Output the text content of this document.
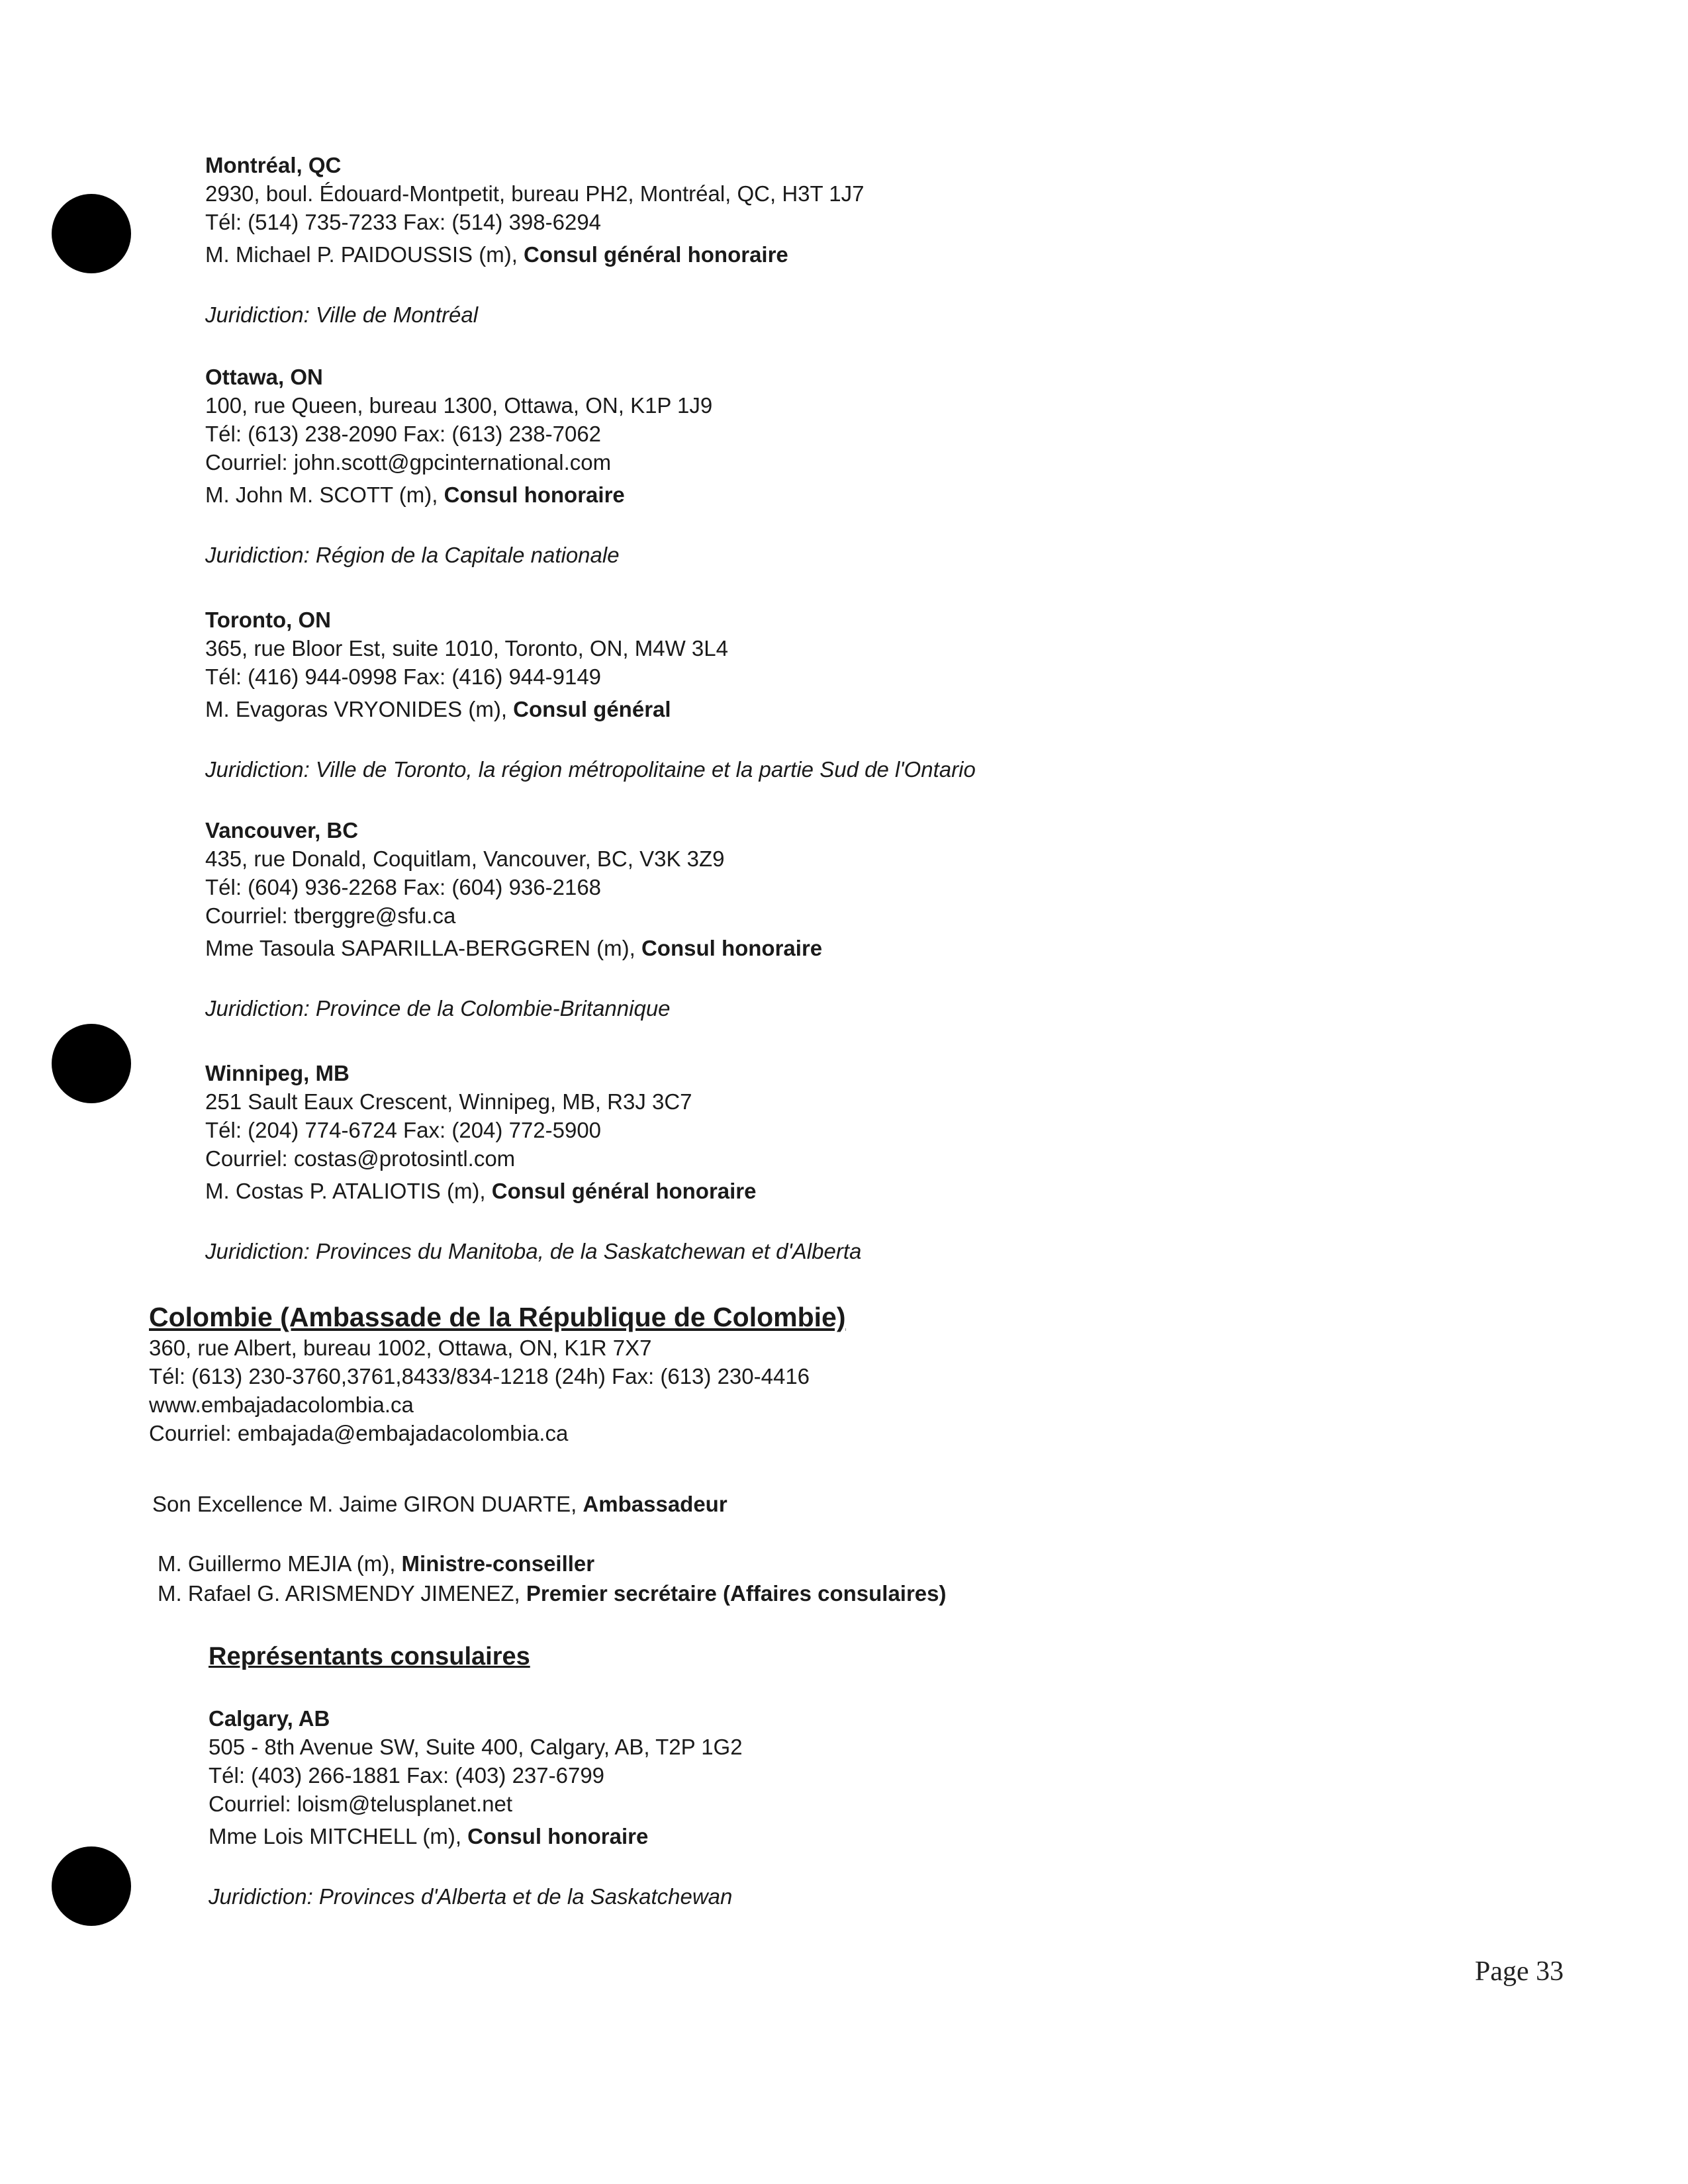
Montréal, QC
2930, boul. Édouard-Montpetit, bureau PH2, Montréal, QC, H3T 1J7
Tél: (514) 735-7233 Fax: (514) 398-6294
M. Michael P. PAIDOUSSIS (m), Consul général honoraire
Juridiction: Ville de Montréal
Ottawa, ON
100, rue Queen, bureau 1300, Ottawa, ON, K1P 1J9
Tél: (613) 238-2090 Fax: (613) 238-7062
Courriel: john.scott@gpcinternational.com
M. John M. SCOTT (m), Consul honoraire
Juridiction: Région de la Capitale nationale
Toronto, ON
365, rue Bloor Est, suite 1010, Toronto, ON, M4W 3L4
Tél: (416) 944-0998 Fax: (416) 944-9149
M. Evagoras VRYONIDES (m), Consul général
Juridiction: Ville de Toronto, la région métropolitaine et la partie Sud de l'Ontario
Vancouver, BC
435, rue Donald, Coquitlam, Vancouver, BC, V3K 3Z9
Tél: (604) 936-2268 Fax: (604) 936-2168
Courriel: tberggre@sfu.ca
Mme Tasoula SAPARILLA-BERGGREN (m), Consul honoraire
Juridiction: Province de la Colombie-Britannique
Winnipeg, MB
251 Sault Eaux Crescent, Winnipeg, MB, R3J 3C7
Tél: (204) 774-6724 Fax: (204) 772-5900
Courriel: costas@protosintl.com
M. Costas P. ATALIOTIS (m), Consul général honoraire
Juridiction: Provinces du Manitoba, de la Saskatchewan et d'Alberta
Colombie (Ambassade de la République de Colombie)
360, rue Albert, bureau 1002, Ottawa, ON, K1R 7X7
Tél: (613) 230-3760,3761,8433/834-1218 (24h) Fax: (613) 230-4416
www.embajadacolombia.ca
Courriel: embajada@embajadacolombia.ca
Son Excellence M. Jaime GIRON DUARTE, Ambassadeur
M. Guillermo MEJIA (m), Ministre-conseiller
M. Rafael G. ARISMENDY JIMENEZ, Premier secrétaire (Affaires consulaires)
Représentants consulaires
Calgary, AB
505 - 8th Avenue SW, Suite 400, Calgary, AB, T2P 1G2
Tél: (403) 266-1881 Fax: (403) 237-6799
Courriel: loism@telusplanet.net
Mme Lois MITCHELL (m), Consul honoraire
Juridiction: Provinces d'Alberta et de la Saskatchewan
Page 33
